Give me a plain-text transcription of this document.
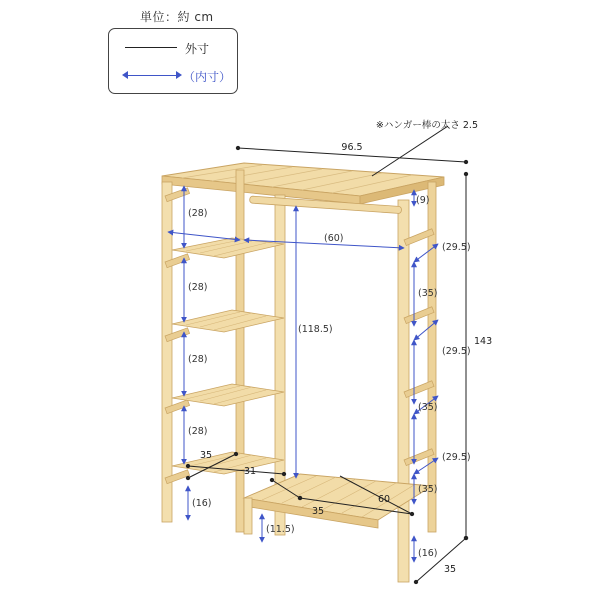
単位：約 cm
外寸
（内寸）
※ハンガー棒の太さ 2.5
96.5
143
35
(60)
(9)
(118.5)
(28)
(28)
(28)
(28)
(16)
35
31
(29.5)
(35)
(29.5)
(35)
(29.5)
(35)
(16)
(11.5)
35
60
